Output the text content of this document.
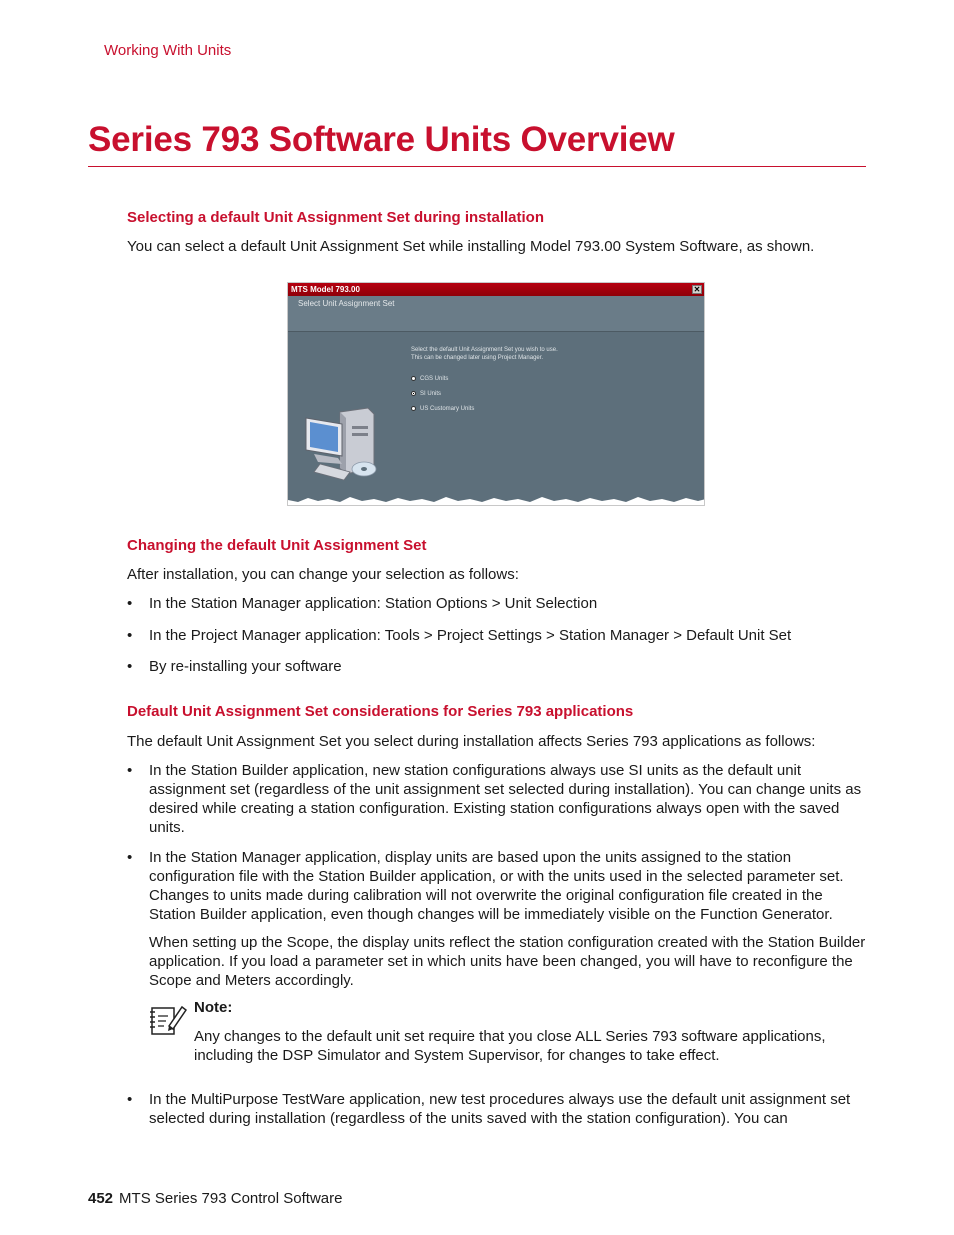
Working With Units
Series 793 Software Units Overview
Selecting a default Unit Assignment Set during installation

You can select a default Unit Assignment Set while installing Model 793.00 System Software, as shown.

MTS Model 793.00	✕
Select Unit Assignment Set
Select the default Unit Assignment Set you wish to use.
This can be changed later using Project Manager.
CGS Units
SI Units
US Customary Units
Changing the default Unit Assignment Set

After installation, you can change your selection as follows:

• In the Station Manager application: Station Options > Unit Selection
• In the Project Manager application: Tools > Project Settings > Station Manager > Default Unit Set
• By re-installing your software
Default Unit Assignment Set considerations for Series 793 applications

The default Unit Assignment Set you select during installation affects Series 793 applications as follows:

• In the Station Builder application, new station configurations always use SI units as the default unit assignment set (regardless of the unit assignment set selected during installation). You can change units as desired while creating a station configuration. Existing station configurations always open with the saved units.
• In the Station Manager application, display units are based upon the units assigned to the station configuration file with the Station Builder application, or with the units used in the selected parameter set. Changes to units made during calibration will not overwrite the original configuration file created in the Station Builder application, even though changes will be immediately visible on the Function Generator.

When setting up the Scope, the display units reflect the station configuration created with the Station Builder application. If you load a parameter set in which units have been changed, you will have to reconfigure the Scope and Meters accordingly.

Note:

Any changes to the default unit set require that you close ALL Series 793 software applications, including the DSP Simulator and System Supervisor, for changes to take effect.

• In the MultiPurpose TestWare application, new test procedures always use the default unit assignment set selected during installation (regardless of the units saved with the station configuration). You can
452 MTS Series 793 Control Software
